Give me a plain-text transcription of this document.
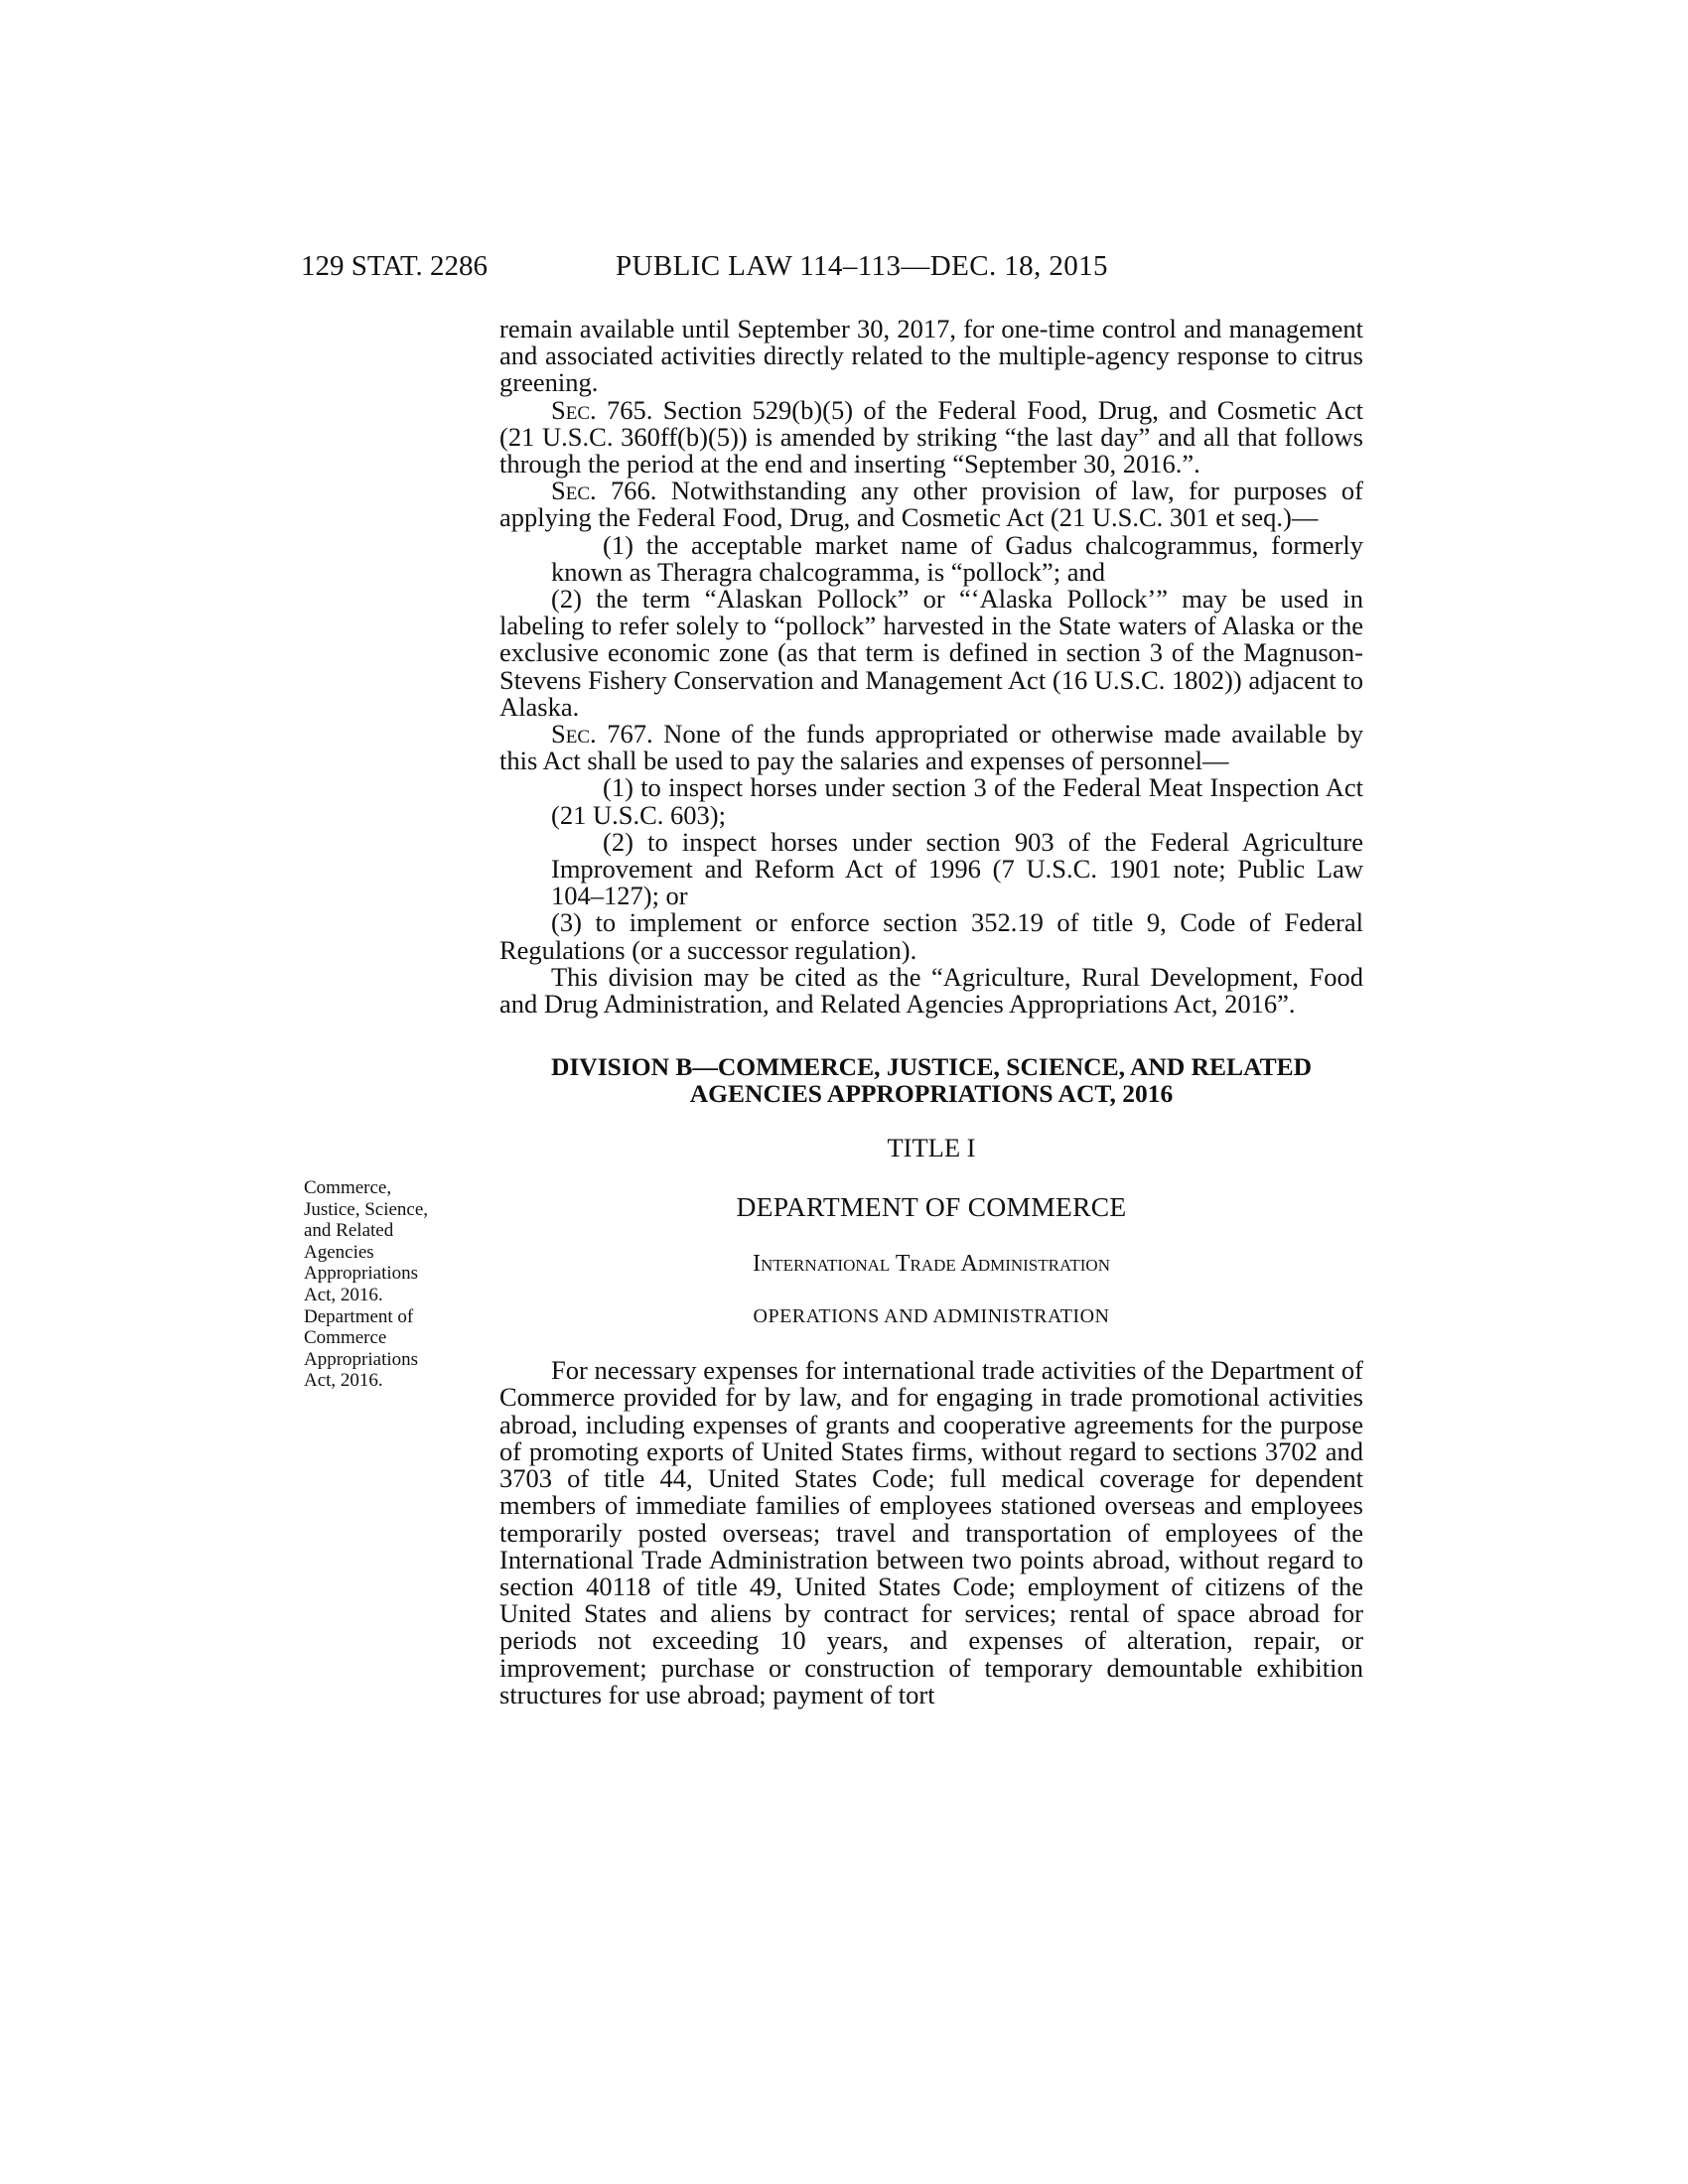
129 STAT. 2286	PUBLIC LAW 114–113—DEC. 18, 2015
Commerce,
Justice, Science,
and Related
Agencies
Appropriations
Act, 2016.
Department of
Commerce
Appropriations
Act, 2016.

remain available until September 30, 2017, for one-time control and management and associated activities directly related to the multiple-agency response to citrus greening.

Sec. 765. Section 529(b)(5) of the Federal Food, Drug, and Cosmetic Act (21 U.S.C. 360ff(b)(5)) is amended by striking “the last day” and all that follows through the period at the end and inserting “September 30, 2016.”.

Sec. 766. Notwithstanding any other provision of law, for purposes of applying the Federal Food, Drug, and Cosmetic Act (21 U.S.C. 301 et seq.)—

(1) the acceptable market name of Gadus chalcogrammus, formerly known as Theragra chalcogramma, is “pollock”; and

(2) the term “Alaskan Pollock” or “‘Alaska Pollock’” may be used in labeling to refer solely to “pollock” harvested in the State waters of Alaska or the exclusive economic zone (as that term is defined in section 3 of the Magnuson-Stevens Fishery Conservation and Management Act (16 U.S.C. 1802)) adjacent to Alaska.

Sec. 767. None of the funds appropriated or otherwise made available by this Act shall be used to pay the salaries and expenses of personnel—

(1) to inspect horses under section 3 of the Federal Meat Inspection Act (21 U.S.C. 603);

(2) to inspect horses under section 903 of the Federal Agriculture Improvement and Reform Act of 1996 (7 U.S.C. 1901 note; Public Law 104–127); or

(3) to implement or enforce section 352.19 of title 9, Code of Federal Regulations (or a successor regulation).

This division may be cited as the “Agriculture, Rural Development, Food and Drug Administration, and Related Agencies Appropriations Act, 2016”.

DIVISION B—COMMERCE, JUSTICE, SCIENCE, AND RELATED AGENCIES APPROPRIATIONS ACT, 2016
TITLE I
DEPARTMENT OF COMMERCE
International Trade Administration
OPERATIONS AND ADMINISTRATION

For necessary expenses for international trade activities of the Department of Commerce provided for by law, and for engaging in trade promotional activities abroad, including expenses of grants and cooperative agreements for the purpose of promoting exports of United States firms, without regard to sections 3702 and 3703 of title 44, United States Code; full medical coverage for dependent members of immediate families of employees stationed overseas and employees temporarily posted overseas; travel and transportation of employees of the International Trade Administration between two points abroad, without regard to section 40118 of title 49, United States Code; employment of citizens of the United States and aliens by contract for services; rental of space abroad for periods not exceeding 10 years, and expenses of alteration, repair, or improvement; purchase or construction of temporary demountable exhibition structures for use abroad; payment of tort
